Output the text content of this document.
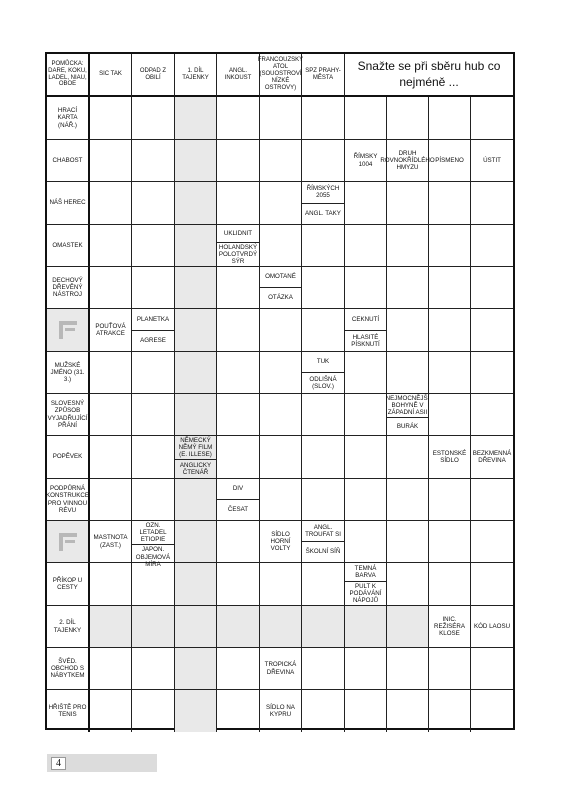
POMŮCKA: DARE, KOKU, LADEL, NIAU, OBOE
SIC TAK
ODPAD Z OBILÍ
1. DÍL TAJENKY
ANGL. INKOUST
FRANCOUZSKÝ ATOL (SOUOSTROVÍ NÍZKÉ OSTROVY)
SPZ PRAHY-MĚSTA
HRACÍ KARTA (NÁŘ.)
CHABOST
ŘÍMSKY 1004
DRUH ROVNOKŘÍDLÉHO HMYZU
PÍSMENO	ÚSTIT
NÁŠ HEREC
ŘÍMSKÝCH 2055
ANGL. TAKY
OMASTEK
UKLIDNIT
HOLANDSKÝ POLOTVRDÝ SÝR
DECHOVÝ DŘEVĚNÝ NÁSTROJ
OMOTANÉ
OTÁZKA
POUŤOVÁ ATRAKCE
PLANETKA
AGRESE
CEKNUTÍ
HLASITÉ PÍSKNUTÍ
MUŽSKÉ JMÉNO (31. 3.)
TUK
ODLIŠNÁ (SLOV.)
SLOVESNÝ ZPŮSOB VYJADŘUJÍCÍ PŘÁNÍ
NEJMOCNĚJŠÍ BOHYNĚ V ZÁPADNÍ ASII
BURÁK
POPĚVEK
NĚMECKÝ NĚMÝ FILM (E. ILLESE)
ANGLICKY ČTENÁŘ
ESTONSKÉ SÍDLO
BEZKMENNÁ DŘEVINA
PODPŮRNÁ KONSTRUKCE PRO VINNOU RÉVU
DIV
ČESAT
MASTNOTA (ZAST.)
OZN. LETADEL ETIOPIE
JAPON. OBJEMOVÁ MÍRA
SÍDLO HORNÍ VOLTY
ANGL. TROUFAT SI
ŠKOLNÍ SÍŇ
PŘÍKOP U CESTY
TEMNÁ BARVA
PULT K PODÁVÁNÍ NÁPOJŮ
2. DÍL TAJENKY
INIC. REŽISÉRA KLOSE
KÓD LAOSU
ŠVÉD. OBCHOD S NÁBYTKEM
TROPICKÁ DŘEVINA
HŘIŠTĚ PRO TENIS
SÍDLO NA KYPRU
Snažte se při sběru hub co nejméně ...
4
